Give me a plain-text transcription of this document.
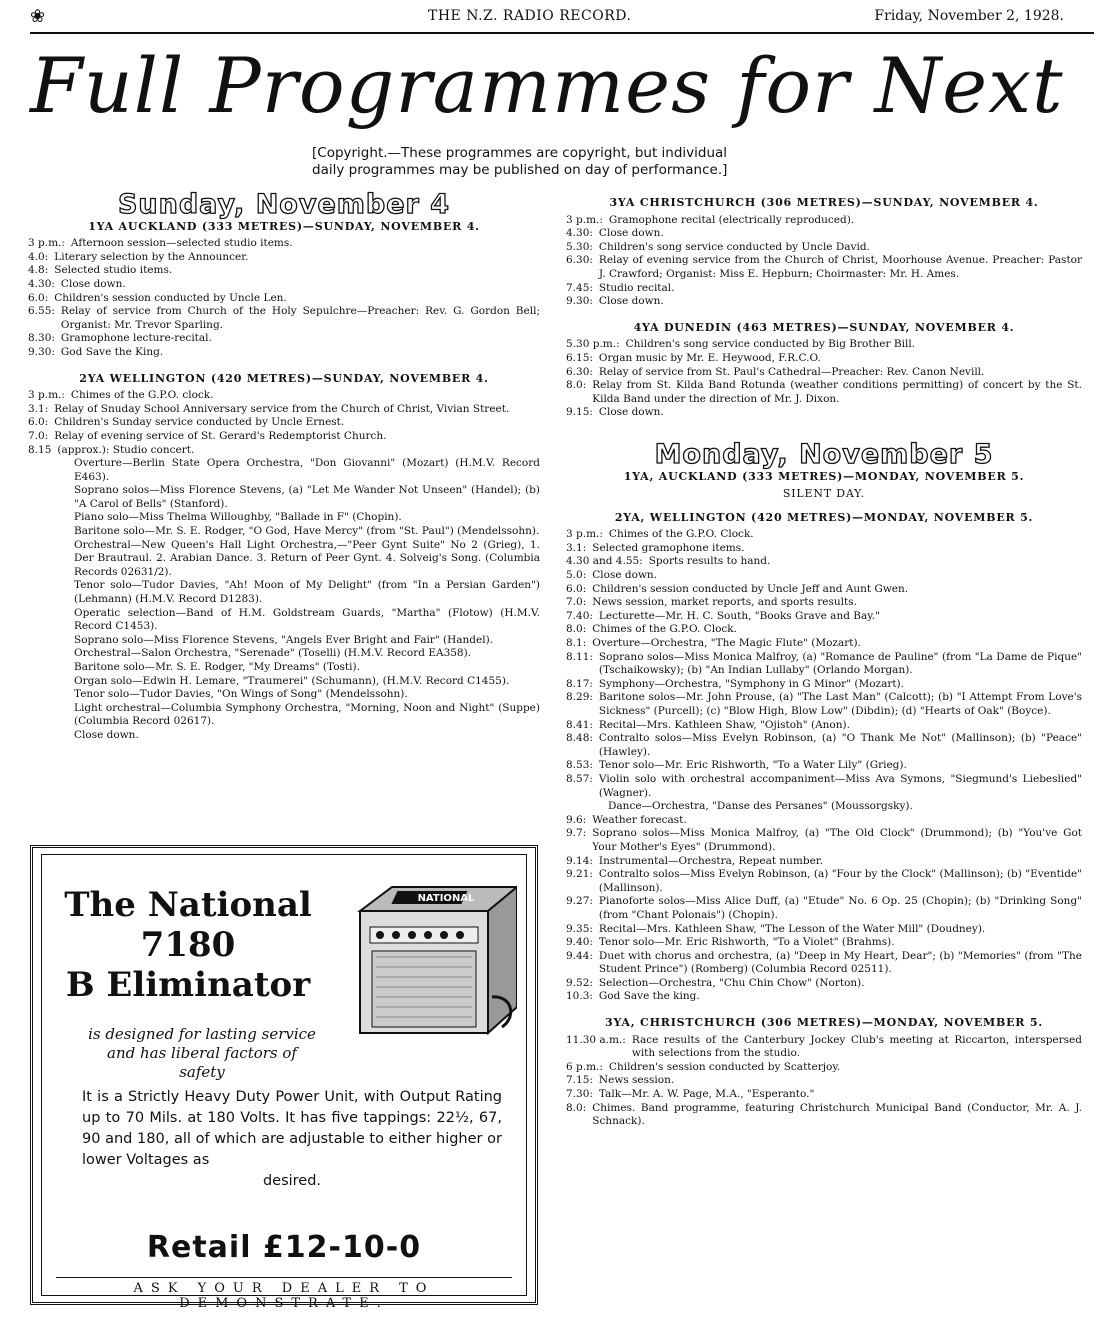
❀	THE N.Z. RADIO RECORD.	Friday, November 2, 1928.
Full Programmes for Next
[Copyright.—These programmes are copyright, but individual
daily programmes may be published on day of performance.]
Sunday, November 4
1YA AUCKLAND (333 METRES)—SUNDAY, NOVEMBER 4.
3 p.m.: Afternoon session—selected studio items.
4.0: Literary selection by the Announcer.
4.8: Selected studio items.
4.30: Close down.
6.0: Children's session conducted by Uncle Len.
6.55: Relay of service from Church of the Holy Sepulchre—Preacher: Rev. G. Gordon Bell; Organist: Mr. Trevor Sparling.
8.30: Gramophone lecture-recital.
9.30: God Save the King.
2YA WELLINGTON (420 METRES)—SUNDAY, NOVEMBER 4.
3 p.m.: Chimes of the G.P.O. clock.
3.1: Relay of Snuday School Anniversary service from the Church of Christ, Vivian Street.
6.0: Children's Sunday service conducted by Uncle Ernest.
7.0: Relay of evening service of St. Gerard's Redemptorist Church.
8.15 (approx.): Studio concert.
Overture—Berlin State Opera Orchestra, "Don Giovanni" (Mozart) (H.M.V. Record E463).
Soprano solos—Miss Florence Stevens, (a) "Let Me Wander Not Unseen" (Handel); (b) "A Carol of Bells" (Stanford).
Piano solo—Miss Thelma Willoughby, "Ballade in F" (Chopin).
Baritone solo—Mr. S. E. Rodger, "O God, Have Mercy" (from "St. Paul") (Mendelssohn).
Orchestral—New Queen's Hall Light Orchestra,—"Peer Gynt Suite" No 2 (Grieg), 1. Der Brautraul. 2. Arabian Dance. 3. Return of Peer Gynt. 4. Solveig's Song. (Columbia Records 02631/2).
Tenor solo—Tudor Davies, "Ah! Moon of My Delight" (from "In a Persian Garden") (Lehmann) (H.M.V. Record D1283).
Operatic selection—Band of H.M. Goldstream Guards, "Martha" (Flotow) (H.M.V. Record C1453).
Soprano solo—Miss Florence Stevens, "Angels Ever Bright and Fair" (Handel).
Orchestral—Salon Orchestra, "Serenade" (Toselli) (H.M.V. Record EA358).
Baritone solo—Mr. S. E. Rodger, "My Dreams" (Tosti).
Organ solo—Edwin H. Lemare, "Traumerei" (Schumann), (H.M.V. Record C1455).
Tenor solo—Tudor Davies, "On Wings of Song" (Mendelssohn).
Light orchestral—Columbia Symphony Orchestra, "Morning, Noon and Night" (Suppe) (Columbia Record 02617).
Close down.
The National
7180
B Eliminator
NATIONAL
is designed for lasting service
and has liberal factors of safety
It is a Strictly Heavy Duty Power Unit, with Output Rating up to 70 Mils. at 180 Volts. It has five tappings: 22½, 67, 90 and 180, all of which are adjustable to either higher or lower Voltages as
desired.
Retail £12-10-0
ASK YOUR DEALER TO DEMONSTRATE.
3YA CHRISTCHURCH (306 METRES)—SUNDAY, NOVEMBER 4.
3 p.m.: Gramophone recital (electrically reproduced).
4.30: Close down.
5.30: Children's song service conducted by Uncle David.
6.30: Relay of evening service from the Church of Christ, Moorhouse Avenue. Preacher: Pastor J. Crawford; Organist: Miss E. Hepburn; Choirmaster: Mr. H. Ames.
7.45: Studio recital.
9.30: Close down.
4YA DUNEDIN (463 METRES)—SUNDAY, NOVEMBER 4.
5.30 p.m.: Children's song service conducted by Big Brother Bill.
6.15: Organ music by Mr. E. Heywood, F.R.C.O.
6.30: Relay of service from St. Paul's Cathedral—Preacher: Rev. Canon Nevill.
8.0: Relay from St. Kilda Band Rotunda (weather conditions permitting) of concert by the St. Kilda Band under the direction of Mr. J. Dixon.
9.15: Close down.
Monday, November 5
1YA, AUCKLAND (333 METRES)—MONDAY, NOVEMBER 5.
SILENT DAY.
2YA, WELLINGTON (420 METRES)—MONDAY, NOVEMBER 5.
3 p.m.: Chimes of the G.P.O. Clock.
3.1: Selected gramophone items.
4.30 and 4.55: Sports results to hand.
5.0: Close down.
6.0: Children's session conducted by Uncle Jeff and Aunt Gwen.
7.0: News session, market reports, and sports results.
7.40: Lecturette—Mr. H. C. South, "Books Grave and Bay."
8.0: Chimes of the G.P.O. Clock.
8.1: Overture—Orchestra, "The Magic Flute" (Mozart).
8.11: Soprano solos—Miss Monica Malfroy, (a) "Romance de Pauline" (from "La Dame de Pique" (Tschaikowsky); (b) "An Indian Lullaby" (Orlando Morgan).
8.17: Symphony—Orchestra, "Symphony in G Minor" (Mozart).
8.29: Baritone solos—Mr. John Prouse, (a) "The Last Man" (Calcott); (b) "I Attempt From Love's Sickness" (Purcell); (c) "Blow High, Blow Low" (Dibdin); (d) "Hearts of Oak" (Boyce).
8.41: Recital—Mrs. Kathleen Shaw, "Ojistoh" (Anon).
8.48: Contralto solos—Miss Evelyn Robinson, (a) "O Thank Me Not" (Mallinson); (b) "Peace" (Hawley).
8.53: Tenor solo—Mr. Eric Rishworth, "To a Water Lily" (Grieg).
8.57: Violin solo with orchestral accompaniment—Miss Ava Symons, "Siegmund's Liebeslied" (Wagner).
Dance—Orchestra, "Danse des Persanes" (Moussorgsky).
9.6: Weather forecast.
9.7: Soprano solos—Miss Monica Malfroy, (a) "The Old Clock" (Drummond); (b) "You've Got Your Mother's Eyes" (Drummond).
9.14: Instrumental—Orchestra, Repeat number.
9.21: Contralto solos—Miss Evelyn Robinson, (a) "Four by the Clock" (Mallinson); (b) "Eventide" (Mallinson).
9.27: Pianoforte solos—Miss Alice Duff, (a) "Etude" No. 6 Op. 25 (Chopin); (b) "Drinking Song" (from "Chant Polonais") (Chopin).
9.35: Recital—Mrs. Kathleen Shaw, "The Lesson of the Water Mill" (Doudney).
9.40: Tenor solo—Mr. Eric Rishworth, "To a Violet" (Brahms).
9.44: Duet with chorus and orchestra, (a) "Deep in My Heart, Dear"; (b) "Memories" (from "The Student Prince") (Romberg) (Columbia Record 02511).
9.52: Selection—Orchestra, "Chu Chin Chow" (Norton).
10.3: God Save the king.
3YA, CHRISTCHURCH (306 METRES)—MONDAY, NOVEMBER 5.
11.30 a.m.: Race results of the Canterbury Jockey Club's meeting at Riccarton, interspersed with selections from the studio.
6 p.m.: Children's session conducted by Scatterjoy.
7.15: News session.
7.30: Talk—Mr. A. W. Page, M.A., "Esperanto."
8.0: Chimes. Band programme, featuring Christchurch Municipal Band (Conductor, Mr. A. J. Schnack).
